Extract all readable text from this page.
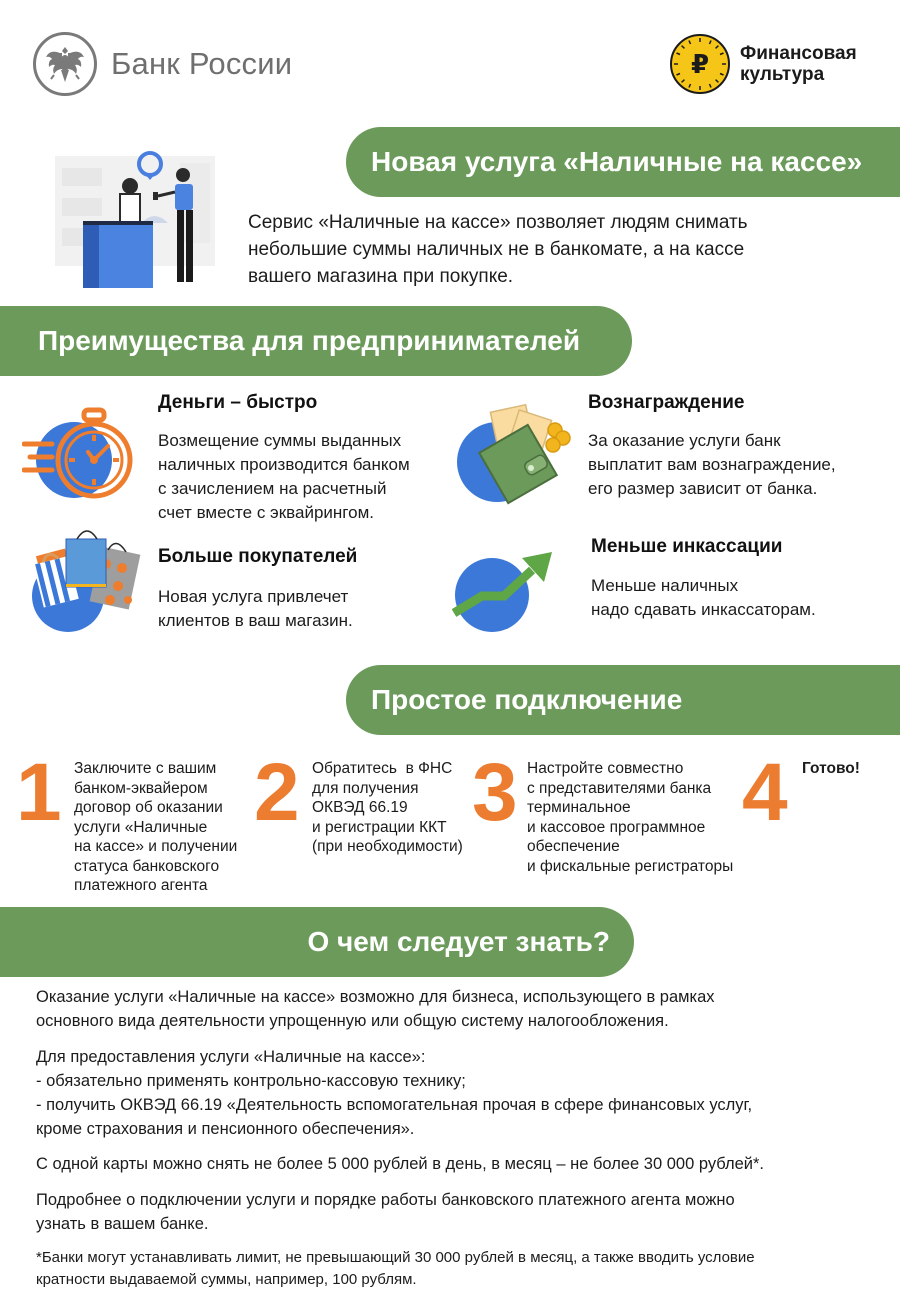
Банк России	₽ Финансовая
культура
Новая услуга «Наличные на кассе»
Сервис «Наличные на кассе» позволяет людям снимать
небольшие суммы наличных не в банкомате, а на кассе
вашего магазина при покупке.
Преимущества для предпринимателей
Деньги – быстро
Возмещение суммы выданных
наличных производится банком
с зачислением на расчетный
счет вместе с эквайрингом.
Вознаграждение
За оказание услуги банк
выплатит вам вознаграждение,
его размер зависит от банка.
Больше покупателей
Новая услуга привлечет
клиентов в ваш магазин.
Меньше инкассации
Меньше наличных
надо сдавать инкассаторам.
Простое подключение
1 Заключите с вашим
банком-эквайером
договор об оказании
услуги «Наличные
на кассе» и получении
статуса банковского
платежного агента
2 Обратитесь  в ФНС
для получения
ОКВЭД 66.19
и регистрации ККТ
(при необходимости)
3 Настройте совместно
с представителями банка
терминальное
и кассовое программное
обеспечение
и фискальные регистраторы
4 Готово!
О чем следует знать?
Оказание услуги «Наличные на кассе» возможно для бизнеса, использующего в рамках
основного вида деятельности упрощенную или общую систему налогообложения.
Для предоставления услуги «Наличные на кассе»:
- обязательно применять контрольно-кассовую технику;
- получить ОКВЭД 66.19 «Деятельность вспомогательная прочая в сфере финансовых услуг,
кроме страхования и пенсионного обеспечения».
С одной карты можно снять не более 5 000 рублей в день, в месяц – не более 30 000 рублей*.
Подробнее о подключении услуги и порядке работы банковского платежного агента можно
узнать в вашем банке.
*Банки могут устанавливать лимит, не превышающий 30 000 рублей в месяц, а также вводить условие
кратности выдаваемой суммы, например, 100 рублям.
